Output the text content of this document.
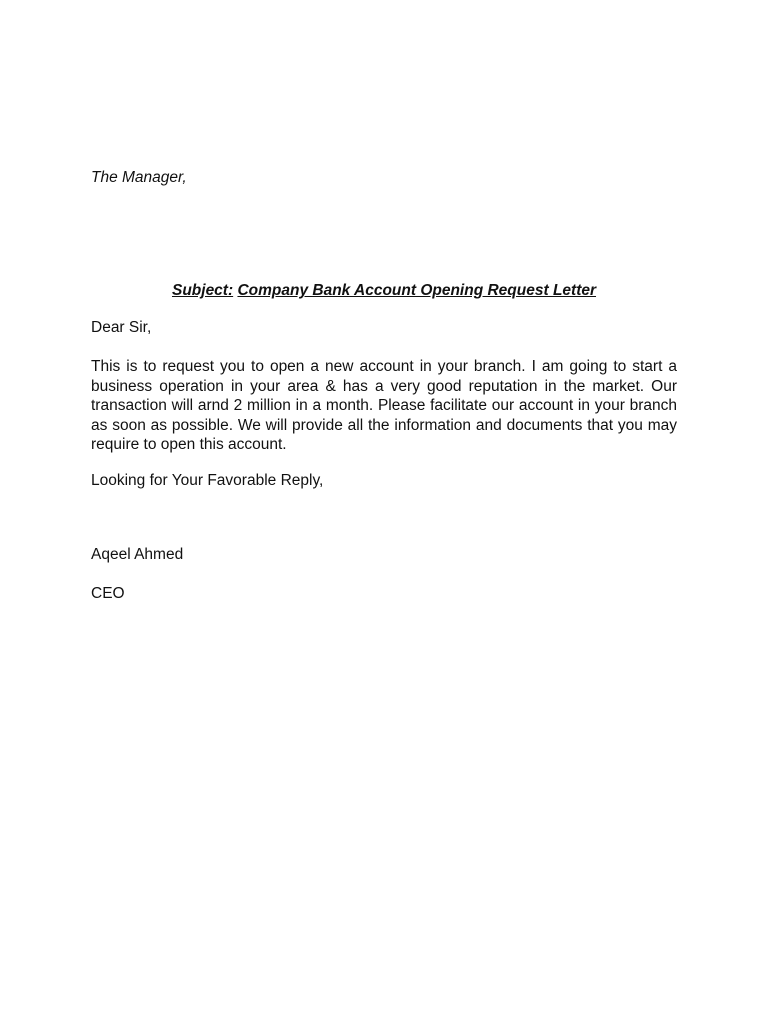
The Manager,
Subject: Company Bank Account Opening Request Letter
Dear Sir,
This is to request you to open a new account in your branch. I am going to start a business operation in your area & has a very good reputation in the market. Our transaction will arnd 2 million in a month. Please facilitate our account in your branch as soon as possible. We will provide all the information and documents that you may require to open this account.
Looking for Your Favorable Reply,
Aqeel Ahmed
CEO
